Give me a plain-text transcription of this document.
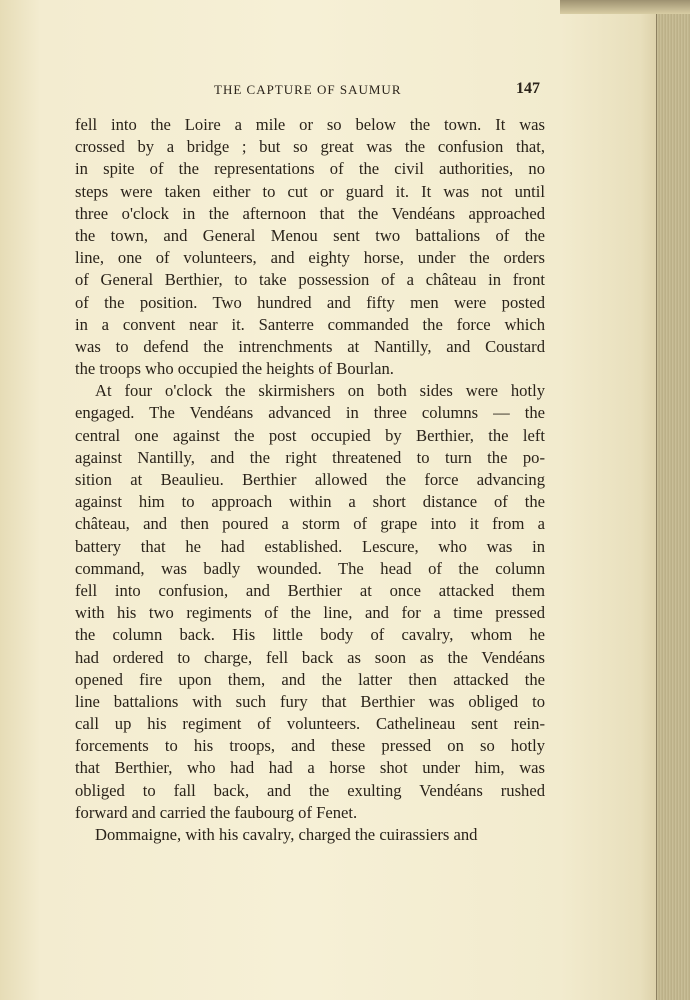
THE CAPTURE OF SAUMUR	147
fell into the Loire a mile or so below the town. It was
crossed by a bridge ; but so great was the confusion that,
in spite of the representations of the civil authorities, no
steps were taken either to cut or guard it. It was not until
three o'clock in the afternoon that the Vendéans approached
the town, and General Menou sent two battalions of the
line, one of volunteers, and eighty horse, under the orders
of General Berthier, to take possession of a château in front
of the position. Two hundred and fifty men were posted
in a convent near it. Santerre commanded the force which
was to defend the intrenchments at Nantilly, and Coustard
the troops who occupied the heights of Bourlan.
At four o'clock the skirmishers on both sides were hotly
engaged. The Vendéans advanced in three columns — the
central one against the post occupied by Berthier, the left
against Nantilly, and the right threatened to turn the po-
sition at Beaulieu. Berthier allowed the force advancing
against him to approach within a short distance of the
château, and then poured a storm of grape into it from a
battery that he had established. Lescure, who was in
command, was badly wounded. The head of the column
fell into confusion, and Berthier at once attacked them
with his two regiments of the line, and for a time pressed
the column back. His little body of cavalry, whom he
had ordered to charge, fell back as soon as the Vendéans
opened fire upon them, and the latter then attacked the
line battalions with such fury that Berthier was obliged to
call up his regiment of volunteers. Cathelineau sent rein-
forcements to his troops, and these pressed on so hotly
that Berthier, who had had a horse shot under him, was
obliged to fall back, and the exulting Vendéans rushed
forward and carried the faubourg of Fenet.
Dommaigne, with his cavalry, charged the cuirassiers and
